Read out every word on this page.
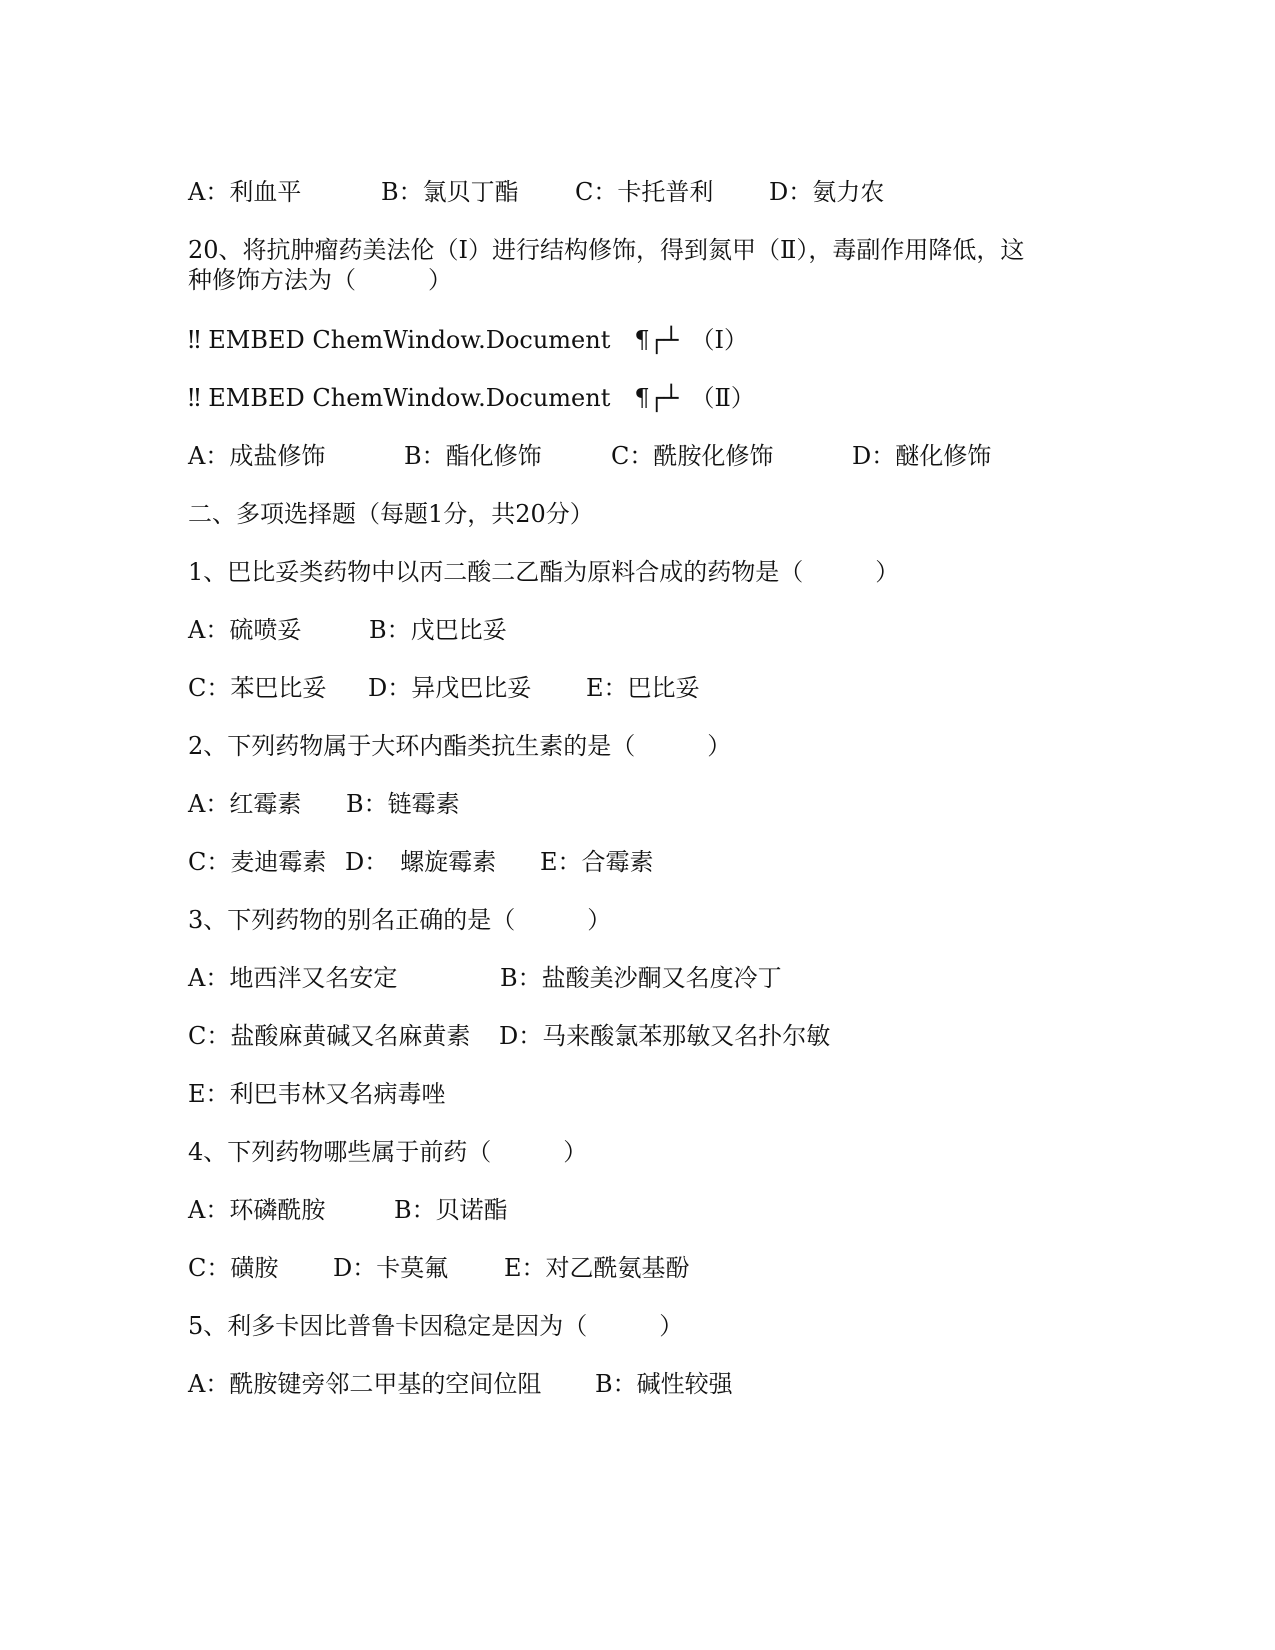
A：利血平	B：氯贝丁酯 C：卡托普利 D：氨力农
20、将抗肿瘤药美法伦（Ⅰ）进行结构修饰，得到氮甲（Ⅱ），毒副作用降低，这
种修饰方法为（　　　）
‼ EMBED ChemWindow.Document　¶┌┴　（Ⅰ）
‼ EMBED ChemWindow.Document　¶┌┴　（Ⅱ）
A：成盐修饰	B：酯化修饰	C：酰胺化修饰	D：醚化修饰
二、多项选择题（每题1分，共20分）
1、巴比妥类药物中以丙二酸二乙酯为原料合成的药物是（　　　）
A：硫喷妥	B：戊巴比妥
C：苯巴比妥 D：异戊巴比妥 E：巴比妥
2、下列药物属于大环内酯类抗生素的是（　　　）
A：红霉素 B：链霉素
C：麦迪霉素 D：　螺旋霉素 E：合霉素
3、下列药物的别名正确的是（　　　）
A：地西泮又名安定	B：盐酸美沙酮又名度冷丁
C：盐酸麻黄碱又名麻黄素 D：马来酸氯苯那敏又名扑尔敏
E：利巴韦林又名病毒唑
4、下列药物哪些属于前药（　　　）
A：环磷酰胺	B：贝诺酯
C：磺胺 D：卡莫氟 E：对乙酰氨基酚
5、利多卡因比普鲁卡因稳定是因为（　　　）
A：酰胺键旁邻二甲基的空间位阻 B：碱性较强
